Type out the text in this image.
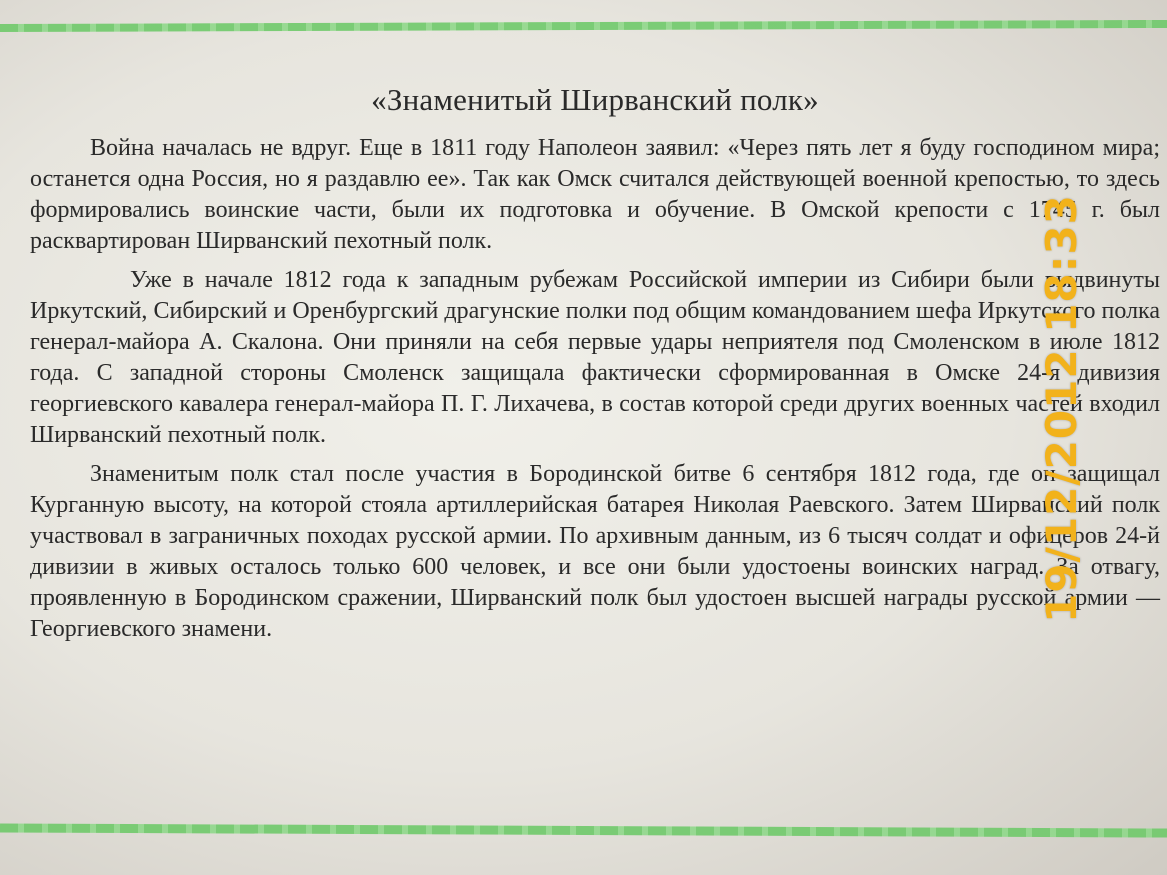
«Знаменитый Ширванский полк»

Война началась не вдруг. Еще в 1811 году Наполеон заявил: «Через пять лет я буду господином мира; останется одна Россия, но я раздавлю ее». Так как Омск считался действующей военной крепостью, то здесь формировались воинские части, были их подготовка и обучение. В Омской крепости с 1745 г. был расквартирован Ширванский пехотный полк.

Уже в начале 1812 года к западным рубежам Российской империи из Сибири были выдвинуты Иркутский, Сибирский и Оренбургский драгунские полки под общим командованием шефа Иркутского полка генерал-майора А. Скалона. Они приняли на себя первые удары неприятеля под Смоленском в июле 1812 года. С западной стороны Смоленск защищала фактически сформированная в Омске 24-я дивизия георгиевского кавалера генерал-майора П. Г. Лихачева, в состав которой среди других военных частей входил Ширванский пехотный полк.

Знаменитым полк стал после участия в Бородинской битве 6 сентября 1812 года, где он защищал Курганную высоту, на которой стояла артиллерийская батарея Николая Раевского. Затем Ширванский полк участвовал в заграничных походах русской армии. По архивным данным, из 6 тысяч солдат и офицеров 24-й дивизии в живых осталось только 600 человек, и все они были удостоены воинских наград. За отвагу, проявленную в Бородинском сражении, Ширванский полк был удостоен высшей награды русской армии — Георгиевского знамени.

19/12/2012 18:33
